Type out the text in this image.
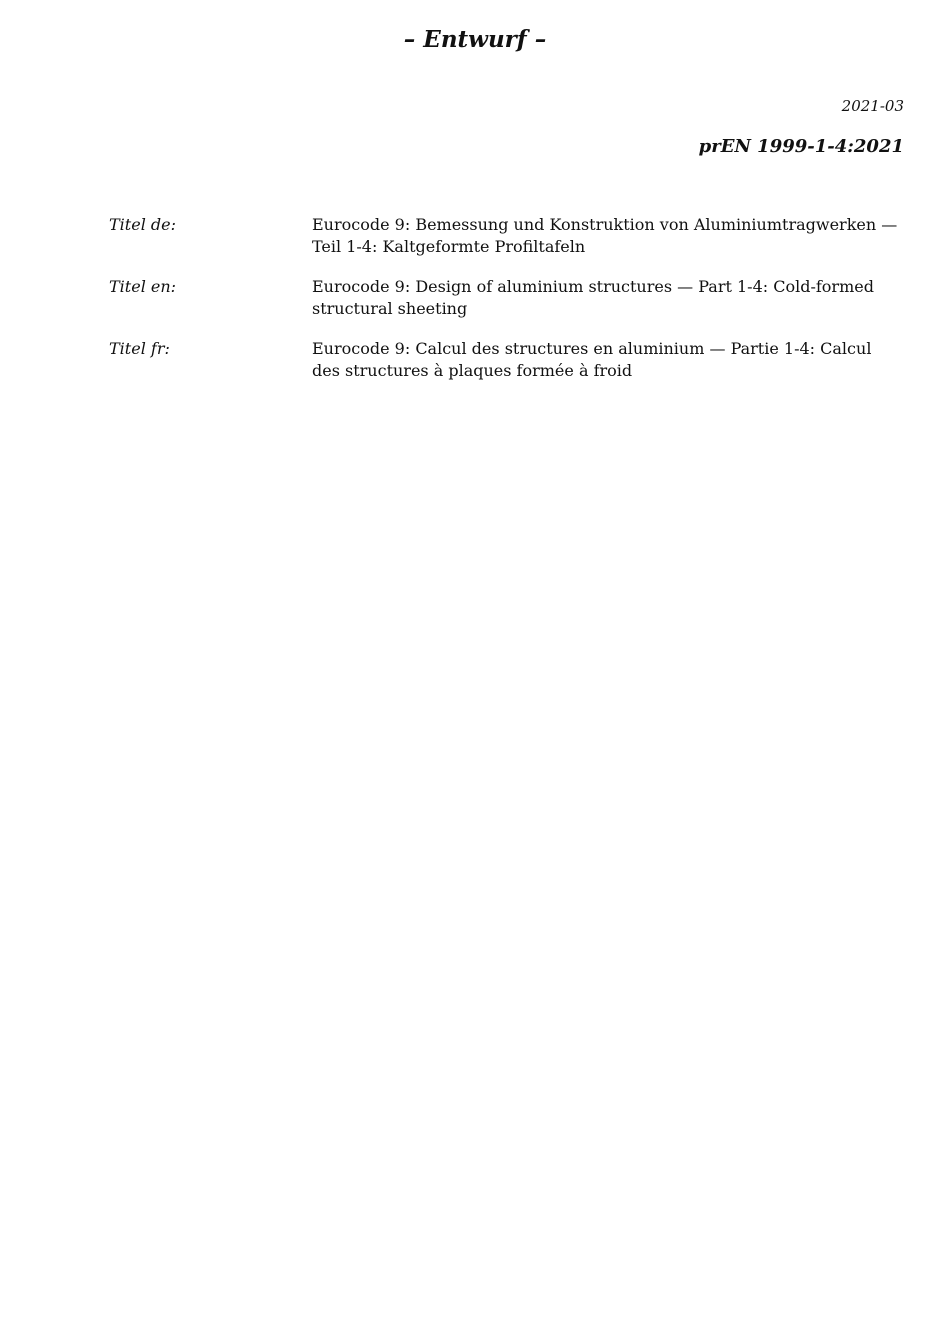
– Entwurf –
2021-03
prEN 1999-1-4:2021
Titel de:	Eurocode 9: Bemessung und Konstruktion von Aluminiumtragwerken — Teil 1-4: Kaltgeformte Profiltafeln
Titel en:	Eurocode 9: Design of aluminium structures — Part 1-4: Cold-formed structural sheeting
Titel fr:	Eurocode 9: Calcul des structures en aluminium — Partie 1-4: Calcul des structures à plaques formée à froid
